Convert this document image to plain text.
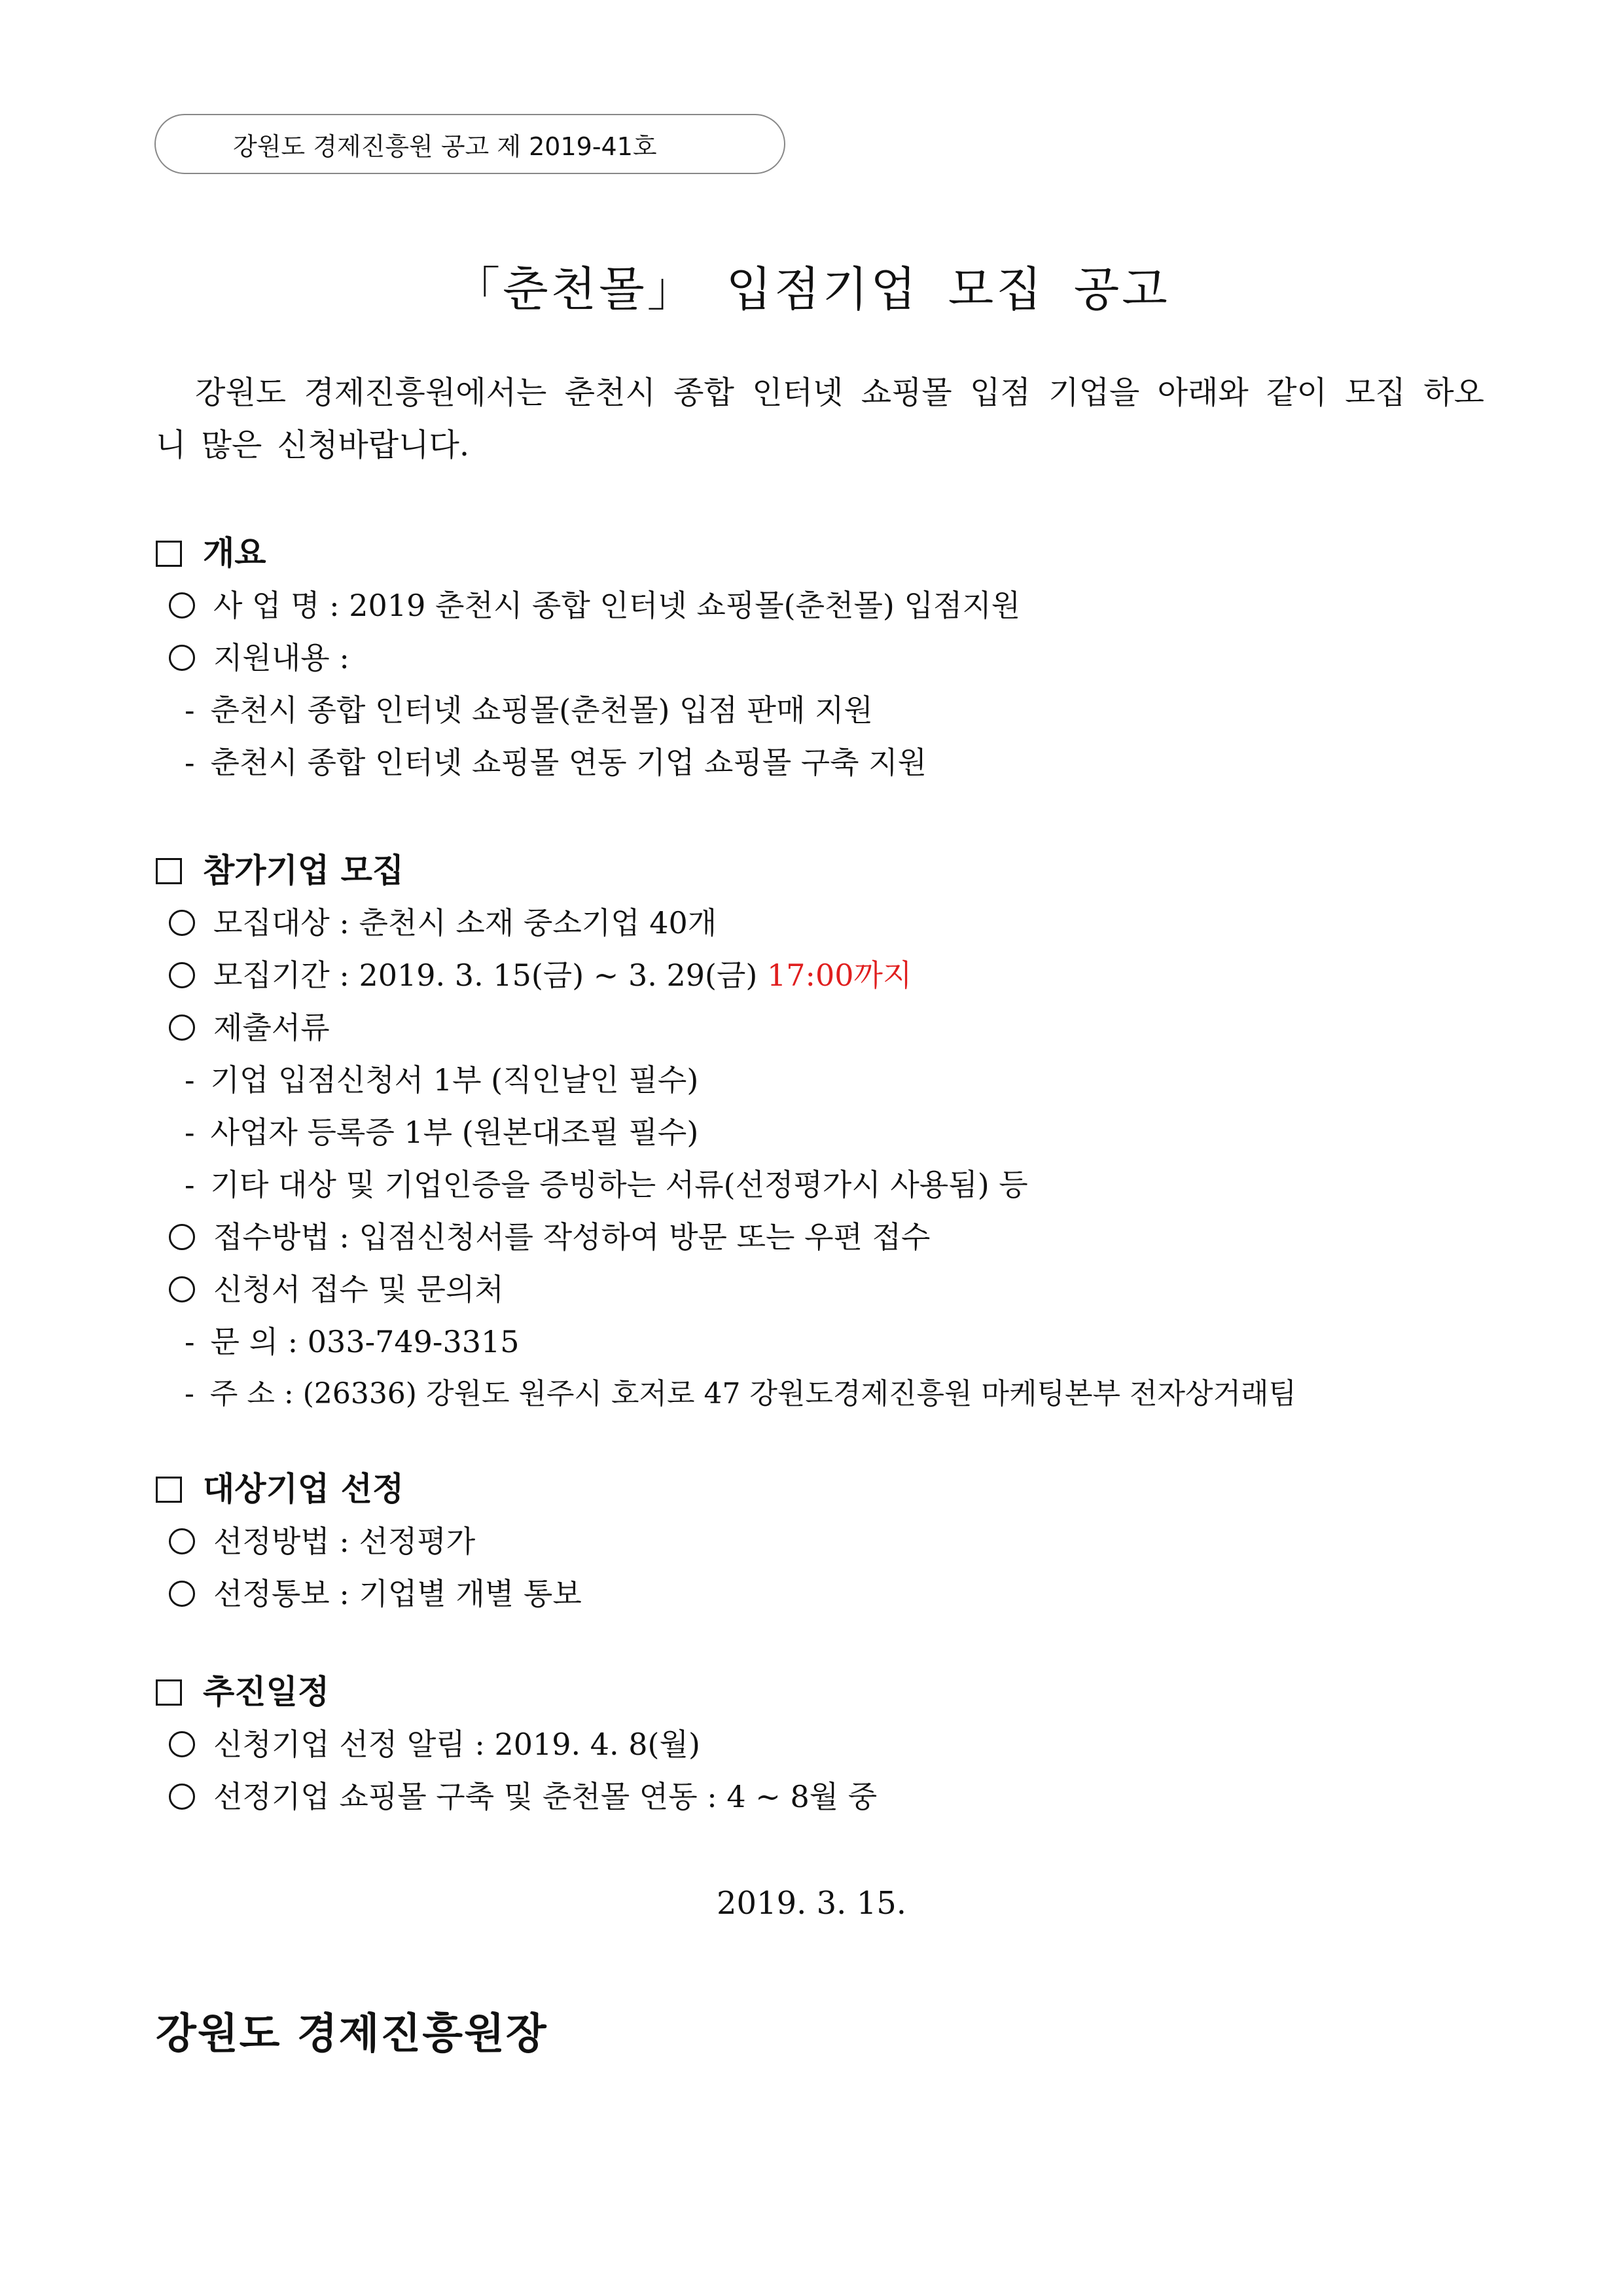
강원도 경제진흥원 공고 제 2019-41호
「춘천몰」 입점기업 모집 공고
강원도 경제진흥원에서는 춘천시 종합 인터넷 쇼핑몰 입점 기업을 아래와 같이 모집 하오니 많은 신청바랍니다.
개요
사 업 명 : 2019 춘천시 종합 인터넷 쇼핑몰(춘천몰) 입점지원
지원내용 :
- 춘천시 종합 인터넷 쇼핑몰(춘천몰) 입점 판매 지원
- 춘천시 종합 인터넷 쇼핑몰 연동 기업 쇼핑몰 구축 지원
참가기업 모집
모집대상 : 춘천시 소재 중소기업 40개
모집기간 : 2019. 3. 15(금) ~ 3. 29(금) 17:00까지
제출서류
- 기업 입점신청서 1부 (직인날인 필수)
- 사업자 등록증 1부 (원본대조필 필수)
- 기타 대상 및 기업인증을 증빙하는 서류(선정평가시 사용됨) 등
접수방법 : 입점신청서를 작성하여 방문 또는 우편 접수
신청서 접수 및 문의처
- 문 의 : 033-749-3315
- 주 소 : (26336) 강원도 원주시 호저로 47 강원도경제진흥원 마케팅본부 전자상거래팀
대상기업 선정
선정방법 : 선정평가
선정통보 : 기업별 개별 통보
추진일정
신청기업 선정 알림 : 2019. 4. 8(월)
선정기업 쇼핑몰 구축 및 춘천몰 연동 : 4 ~ 8월 중
2019. 3. 15.
강원도 경제진흥원장
